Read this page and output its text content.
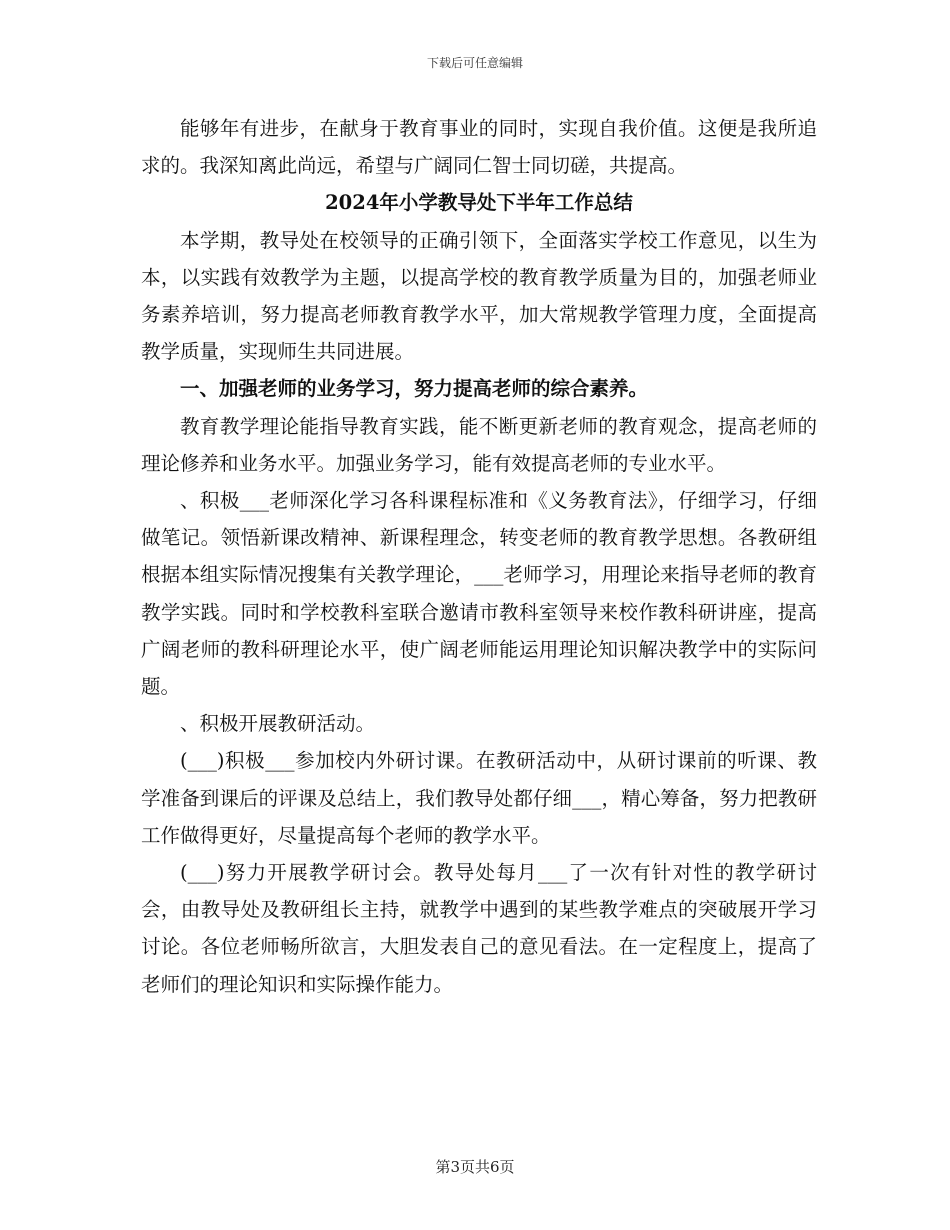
下载后可任意编辑

能够年有进步，在献身于教育事业的同时，实现自我价值。这便是我所追求的。我深知离此尚远，希望与广阔同仁智士同切磋，共提高。

2024年小学教导处下半年工作总结

本学期，教导处在校领导的正确引领下，全面落实学校工作意见，以生为本，以实践有效教学为主题，以提高学校的教育教学质量为目的，加强老师业务素养培训，努力提高老师教育教学水平，加大常规教学管理力度，全面提高教学质量，实现师生共同进展。

一、加强老师的业务学习，努力提高老师的综合素养。

教育教学理论能指导教育实践，能不断更新老师的教育观念，提高老师的理论修养和业务水平。加强业务学习，能有效提高老师的专业水平。

、积极___老师深化学习各科课程标准和《义务教育法》，仔细学习，仔细做笔记。领悟新课改精神、新课程理念，转变老师的教育教学思想。各教研组根据本组实际情况搜集有关教学理论，___老师学习，用理论来指导老师的教育教学实践。同时和学校教科室联合邀请市教科室领导来校作教科研讲座，提高广阔老师的教科研理论水平，使广阔老师能运用理论知识解决教学中的实际问题。

、积极开展教研活动。

(___)积极___参加校内外研讨课。在教研活动中，从研讨课前的听课、教学准备到课后的评课及总结上，我们教导处都仔细___，精心筹备，努力把教研工作做得更好，尽量提高每个老师的教学水平。

(___)努力开展教学研讨会。教导处每月___了一次有针对性的教学研讨会，由教导处及教研组长主持，就教学中遇到的某些教学难点的突破展开学习讨论。各位老师畅所欲言，大胆发表自己的意见看法。在一定程度上，提高了老师们的理论知识和实际操作能力。

第3页共6页
